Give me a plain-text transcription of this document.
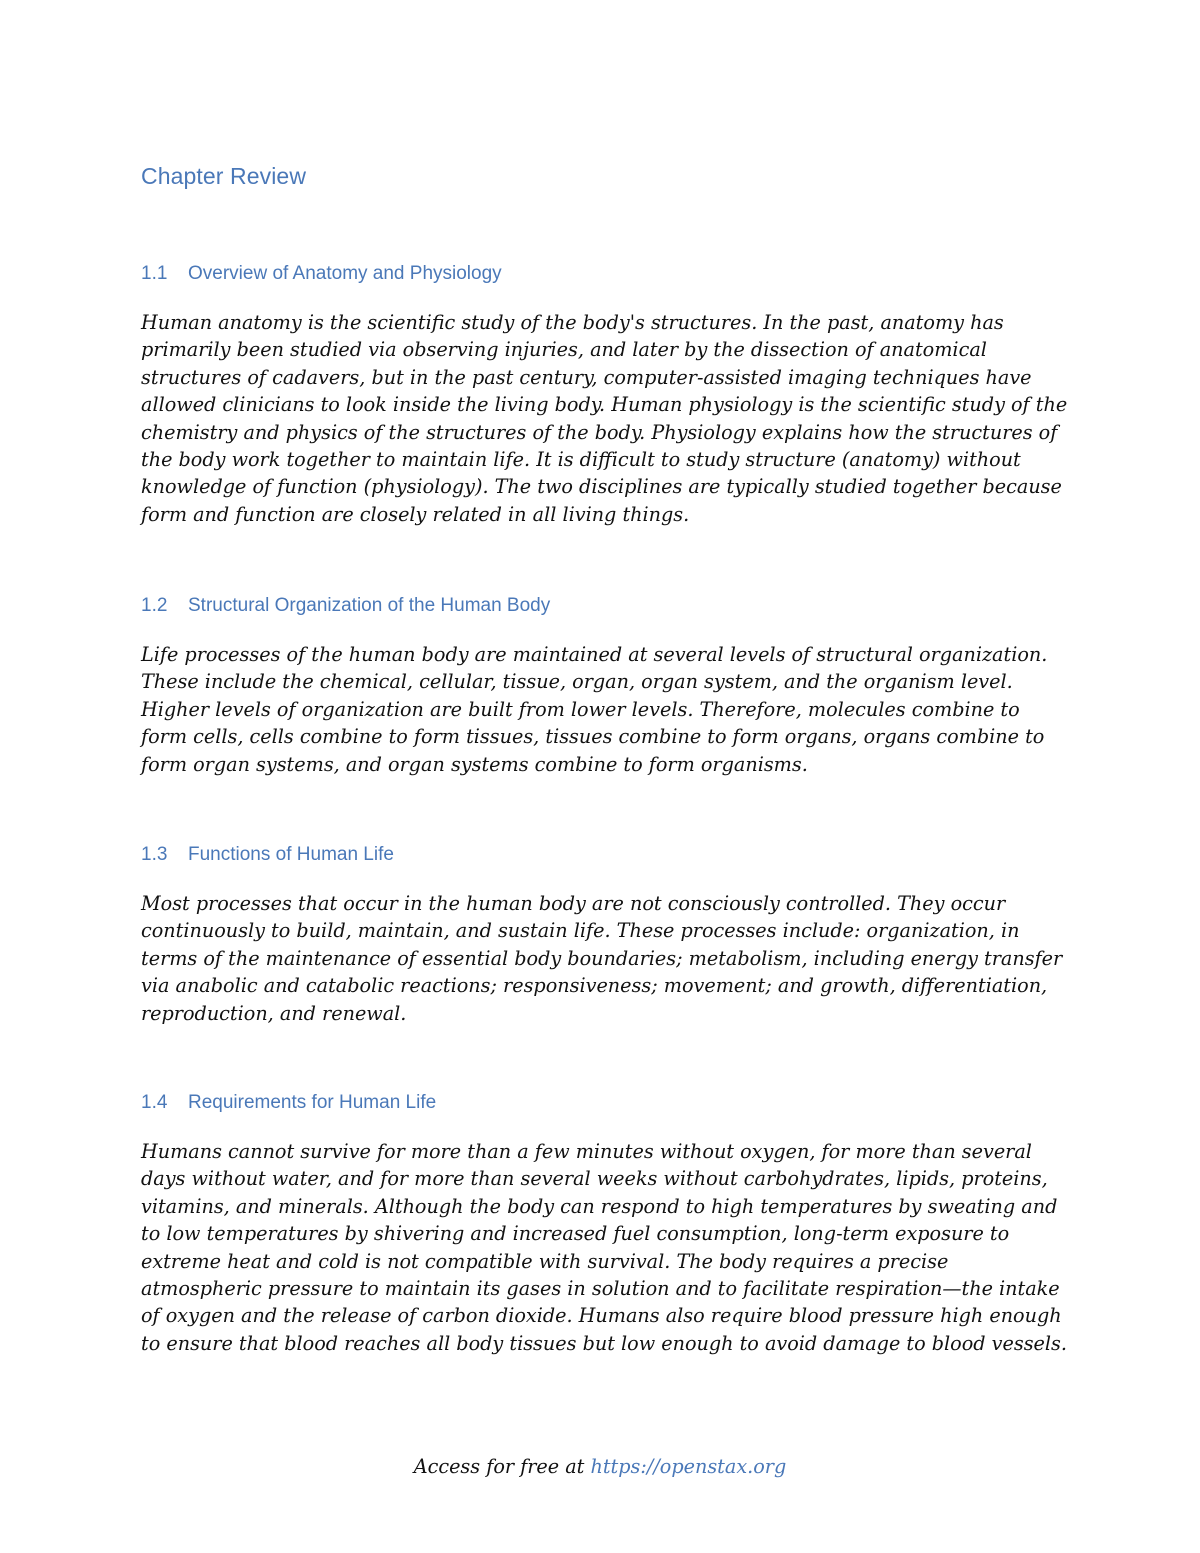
Chapter Review
1.1 Overview of Anatomy and Physiology

Human anatomy is the scientific study of the body's structures. In the past, anatomy has primarily been studied via observing injuries, and later by the dissection of anatomical structures of cadavers, but in the past century, computer-assisted imaging techniques have allowed clinicians to look inside the living body. Human physiology is the scientific study of the chemistry and physics of the structures of the body. Physiology explains how the structures of the body work together to maintain life. It is difficult to study structure (anatomy) without knowledge of function (physiology). The two disciplines are typically studied together because form and function are closely related in all living things.

1.2 Structural Organization of the Human Body

Life processes of the human body are maintained at several levels of structural organization. These include the chemical, cellular, tissue, organ, organ system, and the organism level. Higher levels of organization are built from lower levels. Therefore, molecules combine to form cells, cells combine to form tissues, tissues combine to form organs, organs combine to form organ systems, and organ systems combine to form organisms.

1.3 Functions of Human Life

Most processes that occur in the human body are not consciously controlled. They occur continuously to build, maintain, and sustain life. These processes include: organization, in terms of the maintenance of essential body boundaries; metabolism, including energy transfer via anabolic and catabolic reactions; responsiveness; movement; and growth, differentiation, reproduction, and renewal.

1.4 Requirements for Human Life

Humans cannot survive for more than a few minutes without oxygen, for more than several days without water, and for more than several weeks without carbohydrates, lipids, proteins, vitamins, and minerals. Although the body can respond to high temperatures by sweating and to low temperatures by shivering and increased fuel consumption, long-term exposure to extreme heat and cold is not compatible with survival. The body requires a precise atmospheric pressure to maintain its gases in solution and to facilitate respiration—the intake of oxygen and the release of carbon dioxide. Humans also require blood pressure high enough to ensure that blood reaches all body tissues but low enough to avoid damage to blood vessels.

Access for free at https://openstax.org
